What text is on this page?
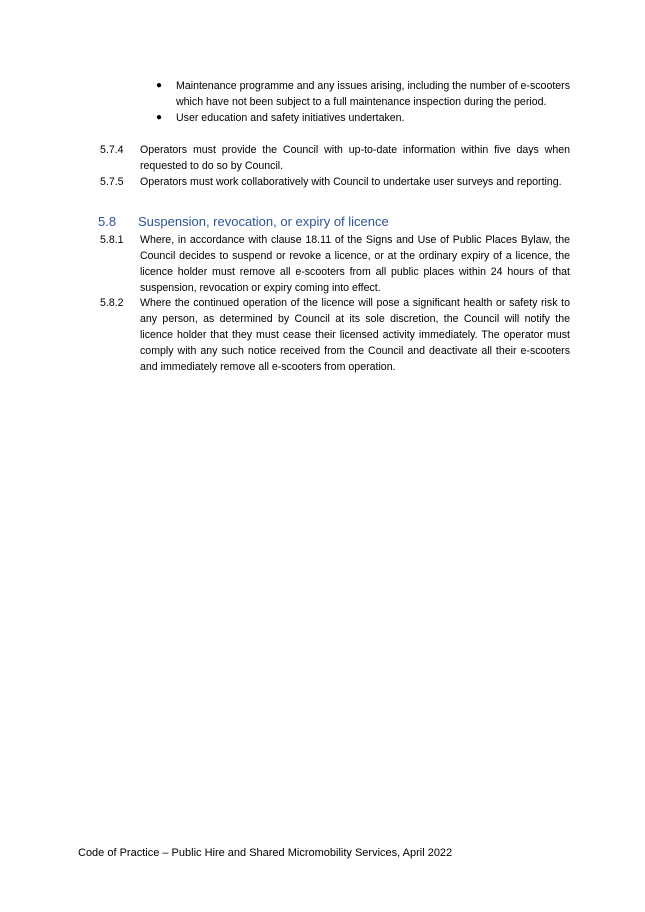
● Maintenance programme and any issues arising, including the number of e-scooters which have not been subject to a full maintenance inspection during the period.
● User education and safety initiatives undertaken.
5.7.4 Operators must provide the Council with up-to-date information within five days when requested to do so by Council.
5.7.5 Operators must work collaboratively with Council to undertake user surveys and reporting.
5.8 Suspension, revocation, or expiry of licence
5.8.1 Where, in accordance with clause 18.11 of the Signs and Use of Public Places Bylaw, the Council decides to suspend or revoke a licence, or at the ordinary expiry of a licence, the licence holder must remove all e-scooters from all public places within 24 hours of that suspension, revocation or expiry coming into effect.
5.8.2 Where the continued operation of the licence will pose a significant health or safety risk to any person, as determined by Council at its sole discretion, the Council will notify the licence holder that they must cease their licensed activity immediately. The operator must comply with any such notice received from the Council and deactivate all their e-scooters and immediately remove all e-scooters from operation.
Code of Practice – Public Hire and Shared Micromobility Services, April 2022
